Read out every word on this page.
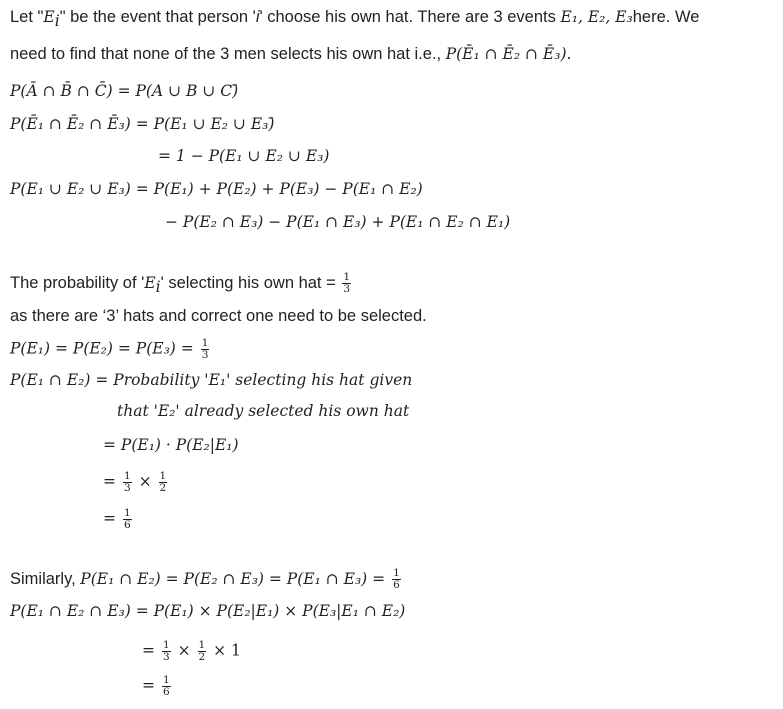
Let "$E_i$" be the event that person 'i' choose his own hat. There are 3 events E₁, E₂, E₃here. We
need to find that none of the 3 men selects his own hat i.e., P(Ē₁ ∩ Ē₂ ∩ Ē₃).
P(Ā ∩ B̄ ∩ C̄) = P(A ∪ B ∪ C)̄
P(Ē₁ ∩ Ē₂ ∩ Ē₃) = P(E₁ ∪ E₂ ∪ E₃)̄
= 1 − P(E₁ ∪ E₂ ∪ E₃)
P(E₁ ∪ E₂ ∪ E₃) = P(E₁) + P(E₂) + P(E₃) − P(E₁ ∩ E₂)
− P(E₂ ∩ E₃) − P(E₁ ∩ E₃) + P(E₁ ∩ E₂ ∩ E₁)
The probability of '$E_i$' selecting his own hat = $\frac{1}{3}$
as there are ‘3’ hats and correct one need to be selected.
$P(E_1) = P(E_2) = P(E_3) = \frac{1}{3}$
P(E₁ ∩ E₂) = Probability 'E₁' selecting his hat given
that 'E₂' already selected his own hat
= P(E₁) · P(E₂|E₁)
= $\frac{1}{3} \times \frac{1}{2}$
= $\frac{1}{6}$
Similarly, P(E₁ ∩ E₂) = P(E₂ ∩ E₃) = P(E₁ ∩ $E_3) = \frac{1}{6}$
P(E₁ ∩ E₂ ∩ E₃) = P(E₁) × P(E₂|E₁) × P(E₃|E₁ ∩ E₂)
= $\frac{1}{3} \times \frac{1}{2} \times 1$
= $\frac{1}{6}$
